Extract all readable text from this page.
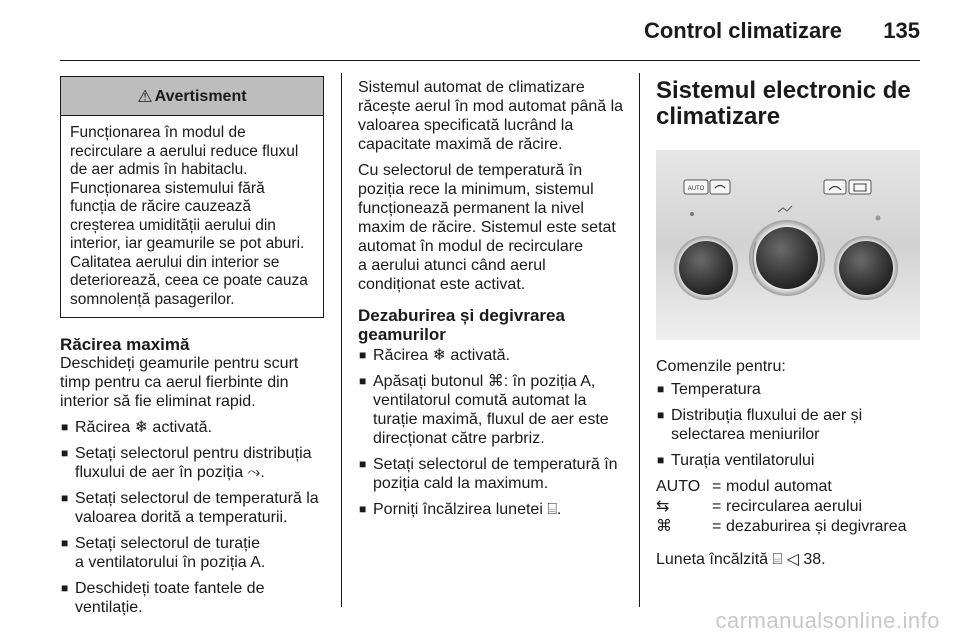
Control climatizare 135
⚠ Avertisment
Funcționarea în modul de
recirculare a aerului reduce fluxul
de aer admis în habitaclu.
Funcționarea sistemului fără
funcția de răcire cauzează
creșterea umidității aerului din
interior, iar geamurile se pot aburi.
Calitatea aerului din interior se
deteriorează, ceea ce poate cauza
somnolență pasagerilor.
Răcirea maximă

Deschideți geamurile pentru scurt
timp pentru ca aerul fierbinte din
interior să fie eliminat rapid.

■ Răcirea ❄ activată.
■ Setați selectorul pentru distribuția
fluxului de aer în poziția ⤳.
■ Setați selectorul de temperatură la
valoarea dorită a temperaturii.
■ Setați selectorul de turație
a ventilatorului în poziția A.
■ Deschideți toate fantele de
ventilație.

Sistemul automat de climatizare
răcește aerul în mod automat până la
valoarea specificată lucrând la
capacitate maximă de răcire.

Cu selectorul de temperatură în
poziția rece la minimum, sistemul
funcționează permanent la nivel
maxim de răcire. Sistemul este setat
automat în modul de recirculare
a aerului atunci când aerul
condiționat este activat.

Dezaburirea și degivrarea
geamurilor
■ Răcirea ❄ activată.
■ Apăsați butonul ⌘: în poziția A,
ventilatorul comută automat la
turație maximă, fluxul de aer este
direcționat către parbriz.
■ Setați selectorul de temperatură în
poziția cald la maximum.
■ Porniți încălzirea lunetei ⌸.
Sistemul electronic de
climatizare
AUTO

Comenzile pentru:

■ Temperatura
■ Distribuția fluxului de aer și
selectarea meniurilor
■ Turația ventilatorului
AUTO = modul automat
⇆	= recircularea aerului
⌘	= dezaburirea și degivrarea

Luneta încălzită ⌸ ◁ 38.

carmanualsonline.info
